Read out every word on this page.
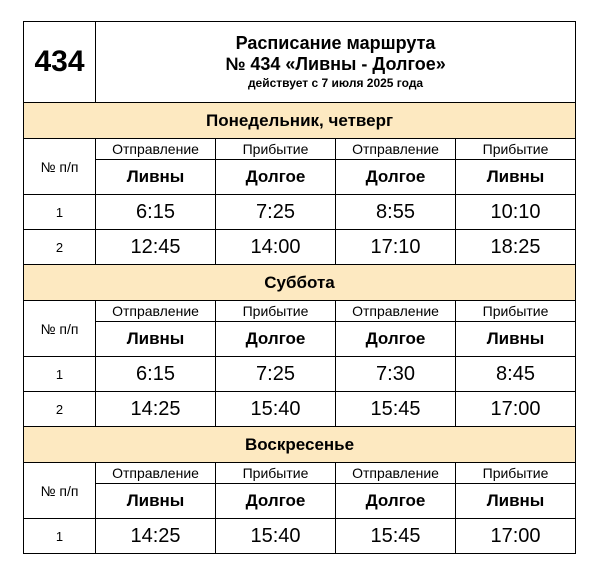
434	Расписание маршрута
№ 434 «Ливны - Долгое»
действует с 7 июля 2025 года			

Понедельник, четверг				
№ п/п	Отправление	Прибытие	Отправление	Прибытие
	Ливны	Долгое	Долгое	Ливны
1	6:15	7:25	8:55	10:10
2	12:45	14:00	17:10	18:25
Суббота				
№ п/п	Отправление	Прибытие	Отправление	Прибытие
	Ливны	Долгое	Долгое	Ливны
1	6:15	7:25	7:30	8:45
2	14:25	15:40	15:45	17:00
Воскресенье				
№ п/п	Отправление	Прибытие	Отправление	Прибытие
	Ливны	Долгое	Долгое	Ливны
1	14:25	15:40	15:45	17:00
